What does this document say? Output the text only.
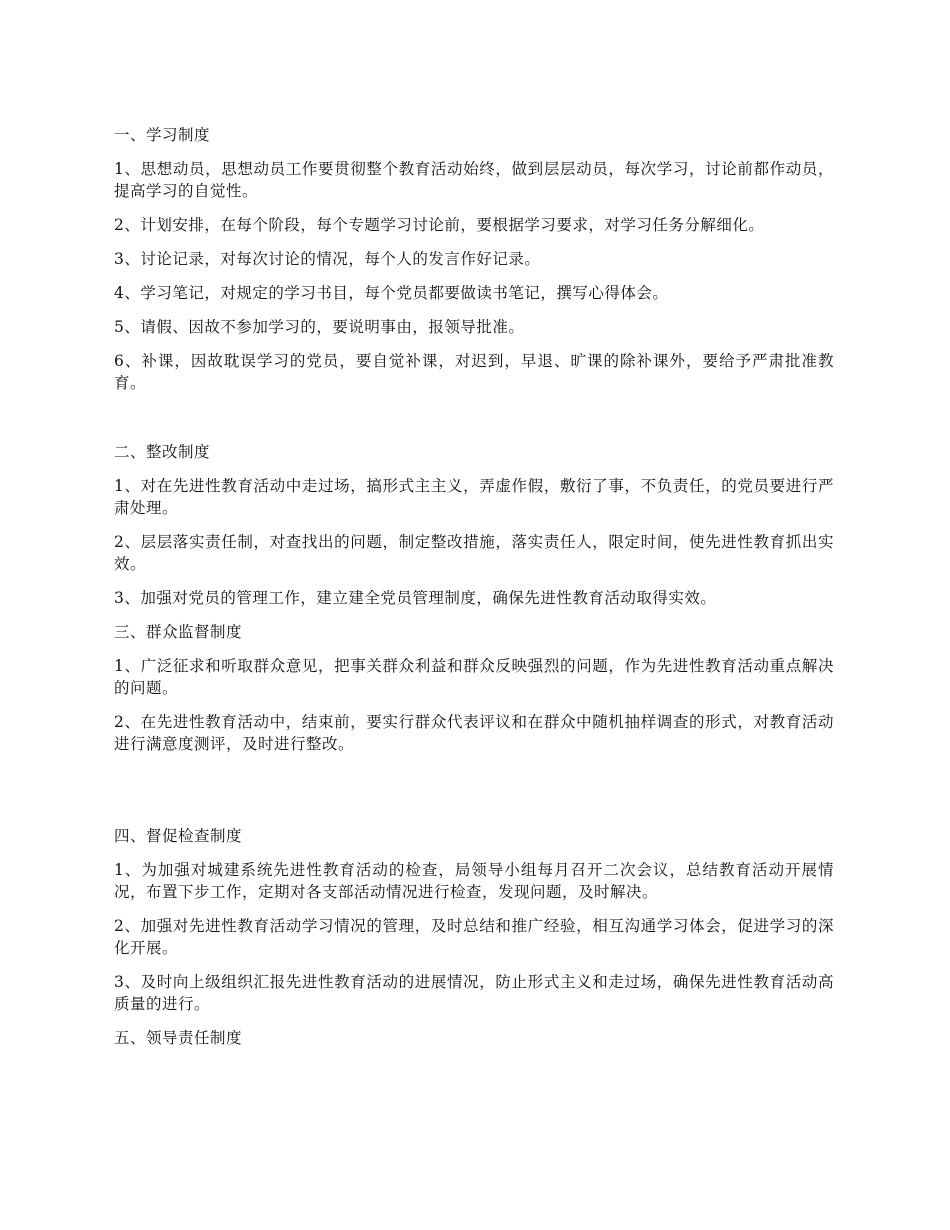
一、学习制度
1、思想动员，思想动员工作要贯彻整个教育活动始终，做到层层动员，每次学习，讨论前都作动员，提高学习的自觉性。
2、计划安排，在每个阶段，每个专题学习讨论前，要根据学习要求，对学习任务分解细化。
3、讨论记录，对每次讨论的情况，每个人的发言作好记录。
4、学习笔记，对规定的学习书目，每个党员都要做读书笔记，撰写心得体会。
5、请假、因故不参加学习的，要说明事由，报领导批准。
6、补课，因故耽误学习的党员，要自觉补课，对迟到，早退、旷课的除补课外，要给予严肃批准教育。
二、整改制度
1、对在先进性教育活动中走过场，搞形式主主义，弄虚作假，敷衍了事，不负责任，的党员要进行严肃处理。
2、层层落实责任制，对查找出的问题，制定整改措施，落实责任人，限定时间，使先进性教育抓出实效。
3、加强对党员的管理工作，建立建全党员管理制度，确保先进性教育活动取得实效。
三、群众监督制度
1、广泛征求和听取群众意见，把事关群众利益和群众反映强烈的问题，作为先进性教育活动重点解决的问题。
2、在先进性教育活动中，结束前，要实行群众代表评议和在群众中随机抽样调查的形式，对教育活动进行满意度测评，及时进行整改。
四、督促检查制度
1、为加强对城建系统先进性教育活动的检查，局领导小组每月召开二次会议，总结教育活动开展情况，布置下步工作，定期对各支部活动情况进行检查，发现问题，及时解决。
2、加强对先进性教育活动学习情况的管理，及时总结和推广经验，相互沟通学习体会，促进学习的深化开展。
3、及时向上级组织汇报先进性教育活动的进展情况，防止形式主义和走过场，确保先进性教育活动高质量的进行。
五、领导责任制度
